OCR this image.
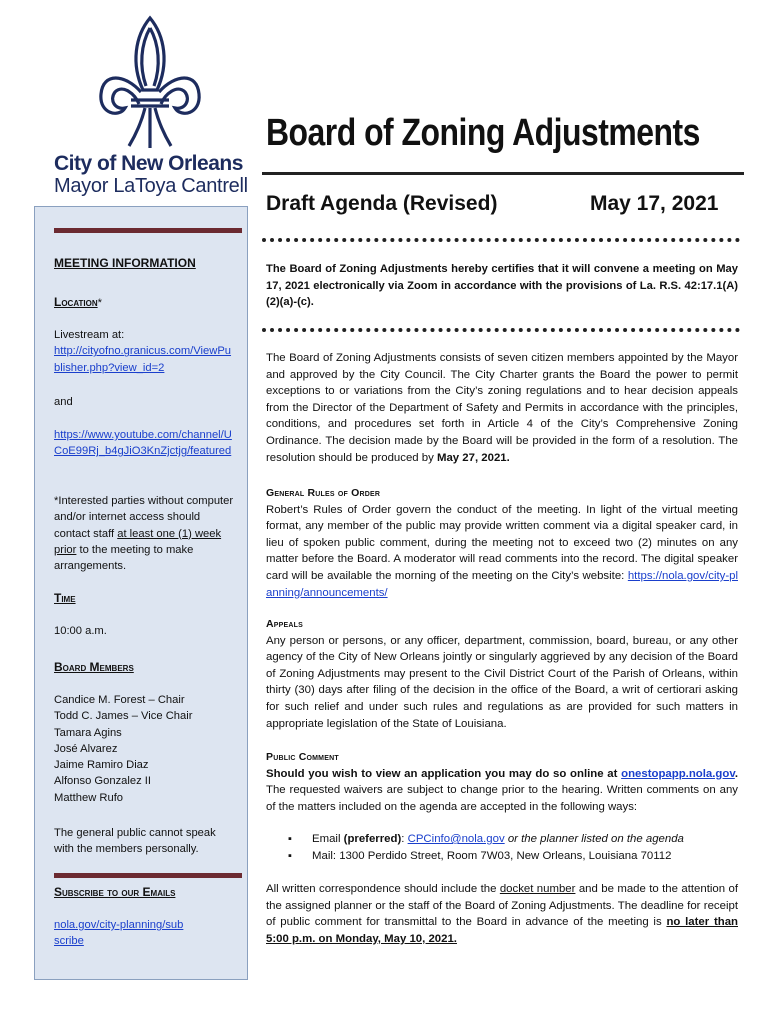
City of New Orleans
Mayor LaToya Cantrell
Board of Zoning Adjustments
Draft Agenda (Revised)	May 17, 2021
MEETING INFORMATION
Location*
Livestream at:
http://cityofno.granicus.com/ViewPublisher.php?view_id=2
and
https://www.youtube.com/channel/UCoE99Rj_b4gJiO3KnZjctjg/featured
*Interested parties without computer and/or internet access should contact staff at least one (1) week prior to the meeting to make arrangements.
Time
10:00 a.m.
Board Members
Candice M. Forest – Chair
Todd C. James – Vice Chair
Tamara Agins
José Alvarez
Jaime Ramiro Diaz
Alfonso Gonzalez II
Matthew Rufo
The general public cannot speak with the members personally.
Subscribe to our Emails
nola.gov/city-planning/subscribe
The Board of Zoning Adjustments hereby certifies that it will convene a meeting on May 17, 2021 electronically via Zoom in accordance with the provisions of La. R.S. 42:17.1(A)(2)(a)-(c).
The Board of Zoning Adjustments consists of seven citizen members appointed by the Mayor and approved by the City Council. The City Charter grants the Board the power to permit exceptions to or variations from the City’s zoning regulations and to hear decision appeals from the Director of the Department of Safety and Permits in accordance with the principles, conditions, and procedures set forth in Article 4 of the City’s Comprehensive Zoning Ordinance. The decision made by the Board will be provided in the form of a resolution. The resolution should be produced by May 27, 2021.
General Rules of Order
Robert’s Rules of Order govern the conduct of the meeting. In light of the virtual meeting format, any member of the public may provide written comment via a digital speaker card, in lieu of spoken public comment, during the meeting not to exceed two (2) minutes on any matter before the Board. A moderator will read comments into the record. The digital speaker card will be available the morning of the meeting on the City’s website: https://nola.gov/city-planning/announcements/
Appeals
Any person or persons, or any officer, department, commission, board, bureau, or any other agency of the City of New Orleans jointly or singularly aggrieved by any decision of the Board of Zoning Adjustments may present to the Civil District Court of the Parish of Orleans, within thirty (30) days after filing of the decision in the office of the Board, a writ of certiorari asking for such relief and under such rules and regulations as are provided for such matters in appropriate legislation of the State of Louisiana.
Public Comment
Should you wish to view an application you may do so online at onestopapp.nola.gov. The requested waivers are subject to change prior to the hearing. Written comments on any of the matters included on the agenda are accepted in the following ways:
▪ Email (preferred): CPCinfo@nola.gov or the planner listed on the agenda
▪ Mail: 1300 Perdido Street, Room 7W03, New Orleans, Louisiana 70112
All written correspondence should include the docket number and be made to the attention of the assigned planner or the staff of the Board of Zoning Adjustments. The deadline for receipt of public comment for transmittal to the Board in advance of the meeting is no later than 5:00 p.m. on Monday, May 10, 2021.
